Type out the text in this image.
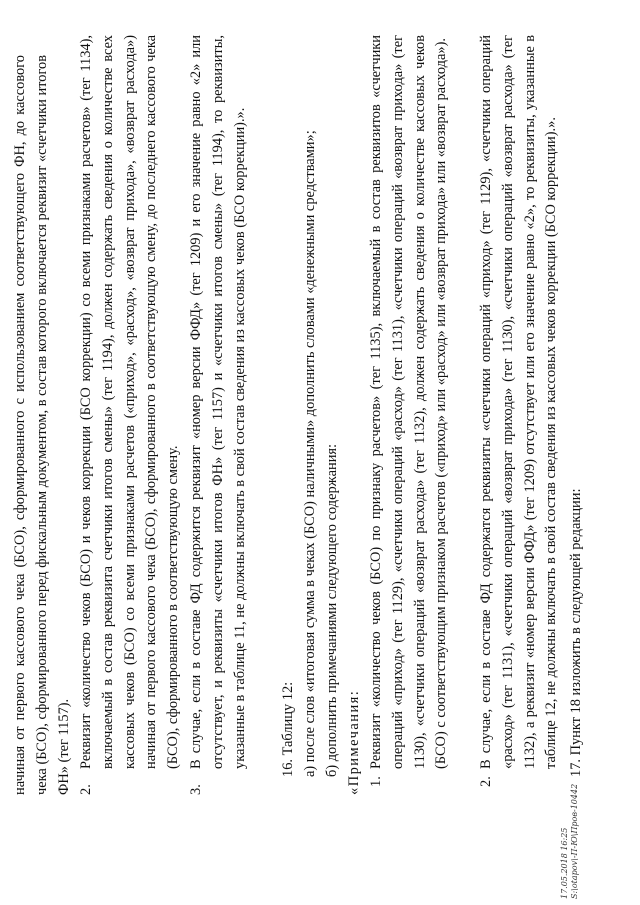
начиная от первого кассового чека (БСО), сформированного с использованием соответствующего ФН, до кассового чека (БСО), сформированного перед фискальным документом, в состав которого включается реквизит «счетчики итогов ФН» (тег 1157). 2.
Реквизит «количество чеков (БСО) и чеков коррекции (БСО коррекции) со всеми признаками расчетов» (тег 1134), включаемый в состав реквизита счетчики итогов смены» (тег 1194), должен содержать сведения о количестве всех кассовых чеков (БСО) со всеми признаками расчетов («приход», «расход», «возврат прихода», «возврат расхода») начиная от первого кассового чека (БСО), сформированного в соответствующую смену, до последнего кассового чека (БСО), сформированного в соответствующую смену.
3.
В случае, если в составе ФД содержится реквизит «номер версии ФФД» (тег 1209) и его значение равно «2» или отсутствует, и реквизиты «счетчики итогов ФН» (тег 1157) и «счетчики итогов смены» (тег 1194), то реквизиты, указанные в таблице 11, не должны включать в свой состав сведения из кассовых чеков (БСО коррекции).». 16. Таблицу 12: а) после слов «итоговая сумма в чеках (БСО) наличными» дополнить словами «денежными средствами»; б) дополнить примечаниями следующего содержания: «Примечания: 1.
Реквизит «количество чеков (БСО) по признаку расчетов» (тег 1135), включаемый в состав реквизитов «счетчики операций «приход» (тег 1129), «счетчики операций «расход» (тег 1131), «счетчики операций «возврат прихода» (тег 1130), «счетчики операций «возврат расхода» (тег 1132), должен содержать сведения о количестве кассовых чеков (БСО) с соответствующим признаком расчетов («приход» или «расход» или «возврат прихода» или «возврат расхода»).
2.
В случае, если в составе ФД содержатся реквизиты «счетчики операций «приход» (тег 1129), «счетчики операций «расход» (тег 1131), «счетчики операций «возврат прихода» (тег 1130), «счетчики операций «возврат расхода» (тег 1132), а реквизит «номер версии ФФД» (тег 1209) отсутствует или его значение равно «2», то реквизиты, указанные в таблице 12, не должны включать в свой состав сведения из кассовых чеков коррекции (БСО коррекции).». 17. Пункт 18 изложить в следующей редакции:
17.05.2018 16:25 S:\otapov\-П-Ю\Пров-10442
